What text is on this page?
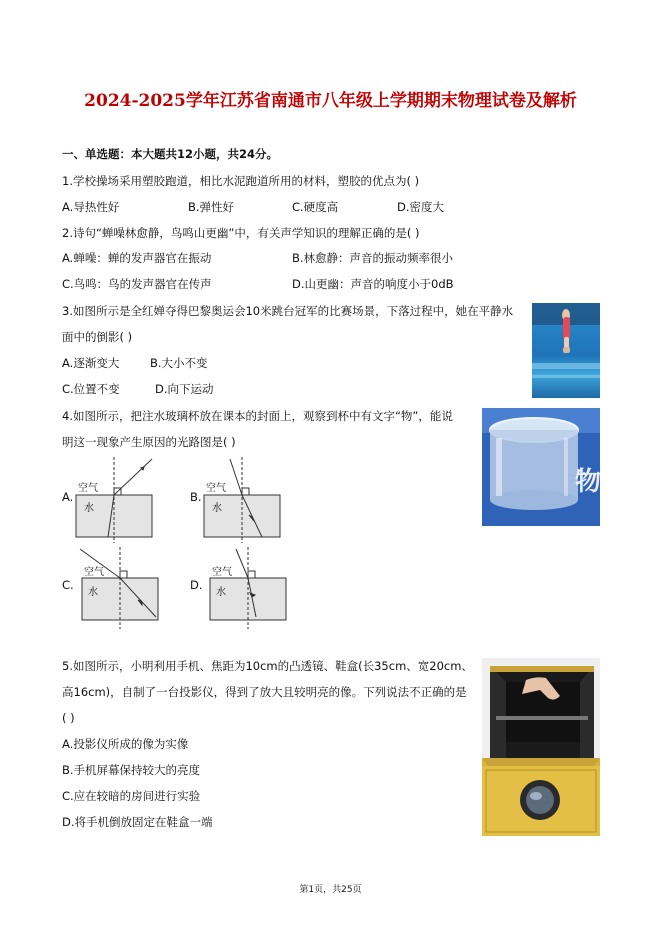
2024-2025学年江苏省南通市八年级上学期期末物理试卷及解析
一、单选题：本大题共12小题，共24分。
1.学校操场采用塑胶跑道，相比水泥跑道所用的材料，塑胶的优点为( )
A.导热性好	B.弹性好	C.硬度高	D.密度大
2.诗句“蝉噪林愈静，鸟鸣山更幽”中，有关声学知识的理解正确的是( )
A.蝉噪：蝉的发声器官在振动	B.林愈静：声音的振动频率很小
C.鸟鸣：鸟的发声器官在传声	D.山更幽：声音的响度小于0dB
3.如图所示是全红婵夺得巴黎奥运会10米跳台冠军的比赛场景，下落过程中，她在平静水
面中的倒影( )
A.逐渐变大	B.大小不变
C.位置不变	D.向下运动
4.如图所示，把注水玻璃杯放在课本的封面上，观察到杯中有文字“物”，能说
明这一现象产生原因的光路图是( )
物理
A.
空气
水
B.
空气
水
C.
空气
水
D.
空气
水
5.如图所示，小明利用手机、焦距为10cm的凸透镜、鞋盒(长35cm、宽20cm、
高16cm)，自制了一台投影仪，得到了放大且较明亮的像。下列说法不正确的是
( )
A.投影仪所成的像为实像
B.手机屏幕保持较大的亮度
C.应在较暗的房间进行实验
D.将手机倒放固定在鞋盒一端
第1页，共25页
